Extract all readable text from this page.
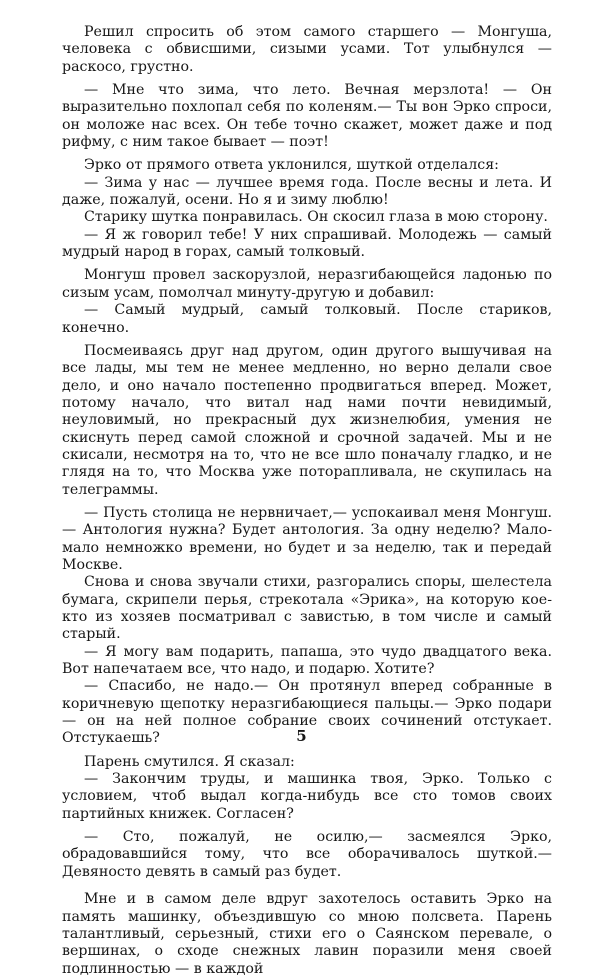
Решил спросить об этом самого старшего — Монгуша, человека с обвисшими, сизыми усами. Тот улыбнулся — раскосо, грустно.

— Мне что зима, что лето. Вечная мерзлота! — Он выразительно похлопал себя по коленям.— Ты вон Эрко спроси, он моложе нас всех. Он тебе точно скажет, может даже и под рифму, с ним такое бывает — поэт!

Эрко от прямого ответа уклонился, шуткой отделался:

— Зима у нас — лучшее время года. После весны и лета. И даже, пожалуй, осени. Но я и зиму люблю!

Старику шутка понравилась. Он скосил глаза в мою сторону.

— Я ж говорил тебе! У них спрашивай. Молодежь — самый мудрый народ в горах, самый толковый.

Монгуш провел заскорузлой, неразгибающейся ладонью по сизым усам, помолчал минуту-другую и добавил:

— Самый мудрый, самый толковый. После стариков, конечно.

Посмеиваясь друг над другом, один другого вышучивая на все лады, мы тем не менее медленно, но верно делали свое дело, и оно начало постепенно продвигаться вперед. Может, потому начало, что витал над нами почти невидимый, неуловимый, но прекрасный дух жизнелюбия, умения не скиснуть перед самой сложной и срочной задачей. Мы и не скисали, несмотря на то, что не все шло поначалу гладко, и не глядя на то, что Москва уже поторапливала, не скупилась на телеграммы.

— Пусть столица не нервничает,— успокаивал меня Монгуш.— Антология нужна? Будет антология. За одну неделю? Мало-мало немножко времени, но будет и за неделю, так и передай Москве.

Снова и снова звучали стихи, разгорались споры, шелестела бумага, скрипели перья, стрекотала «Эрика», на которую кое-кто из хозяев посматривал с завистью, в том числе и самый старый.

— Я могу вам подарить, папаша, это чудо двадцатого века. Вот напечатаем все, что надо, и подарю. Хотите?

— Спасибо, не надо.— Он протянул вперед собранные в коричневую щепотку неразгибающиеся пальцы.— Эрко подари — он на ней полное собрание своих сочинений отстукает. Отстукаешь?

Парень смутился. Я сказал:

— Закончим труды, и машинка твоя, Эрко. Только с условием, чтоб выдал когда-нибудь все сто томов своих партийных книжек. Согласен?

— Сто, пожалуй, не осилю,— засмеялся Эрко, обрадовавшийся тому, что все оборачивалось шуткой.— Девяносто девять в самый раз будет.

Мне и в самом деле вдруг захотелось оставить Эрко на память машинку, объездившую со мною полсвета. Парень талантливый, серьезный, стихи его о Саянском перевале, о вершинах, о сходе снежных лавин поразили меня своей подлинностью — в каждой

5
